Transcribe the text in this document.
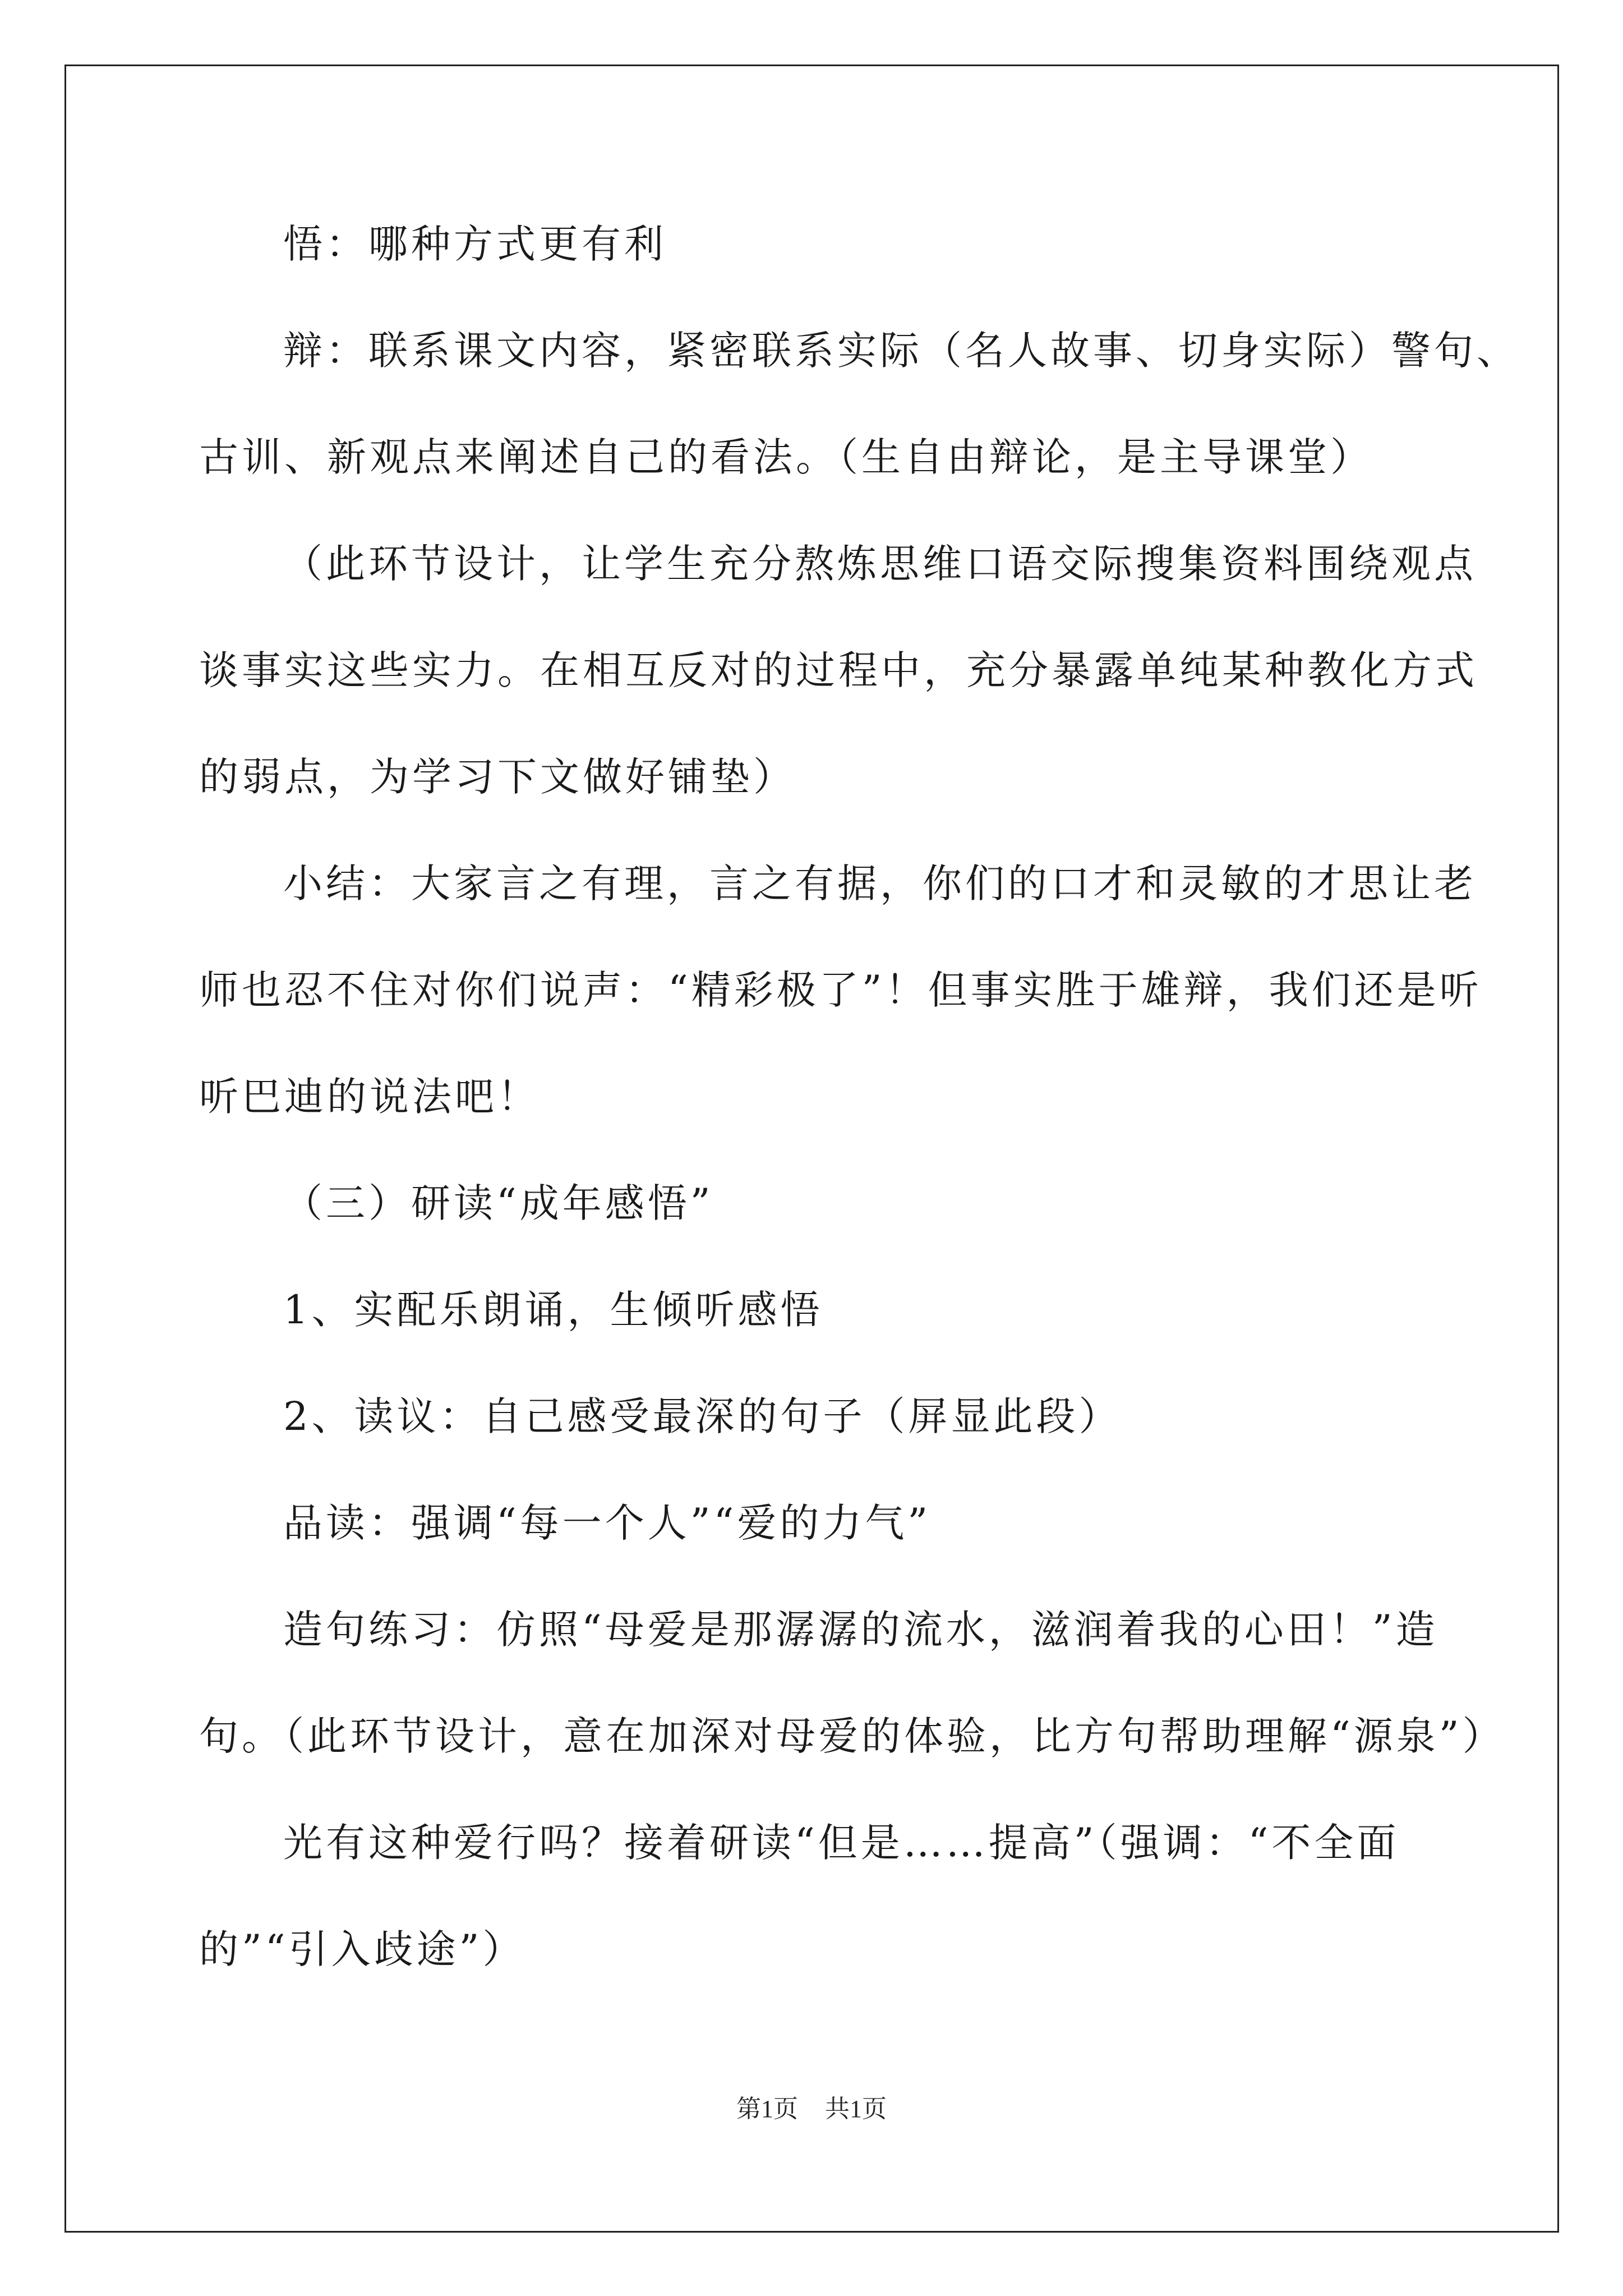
悟：哪种方式更有利
辩：联系课文内容，紧密联系实际（名人故事、切身实际）警句、
古训、新观点来阐述自己的看法。（生自由辩论，是主导课堂）
（此环节设计，让学生充分熬炼思维口语交际搜集资料围绕观点
谈事实这些实力。在相互反对的过程中，充分暴露单纯某种教化方式
的弱点，为学习下文做好铺垫）
小结：大家言之有理，言之有据，你们的口才和灵敏的才思让老
师也忍不住对你们说声：“精彩极了”！但事实胜于雄辩，我们还是听
听巴迪的说法吧！
（三）研读“成年感悟”
1、实配乐朗诵，生倾听感悟
2、读议：自己感受最深的句子（屏显此段）
品读：强调“每一个人”“爱的力气”
造句练习：仿照“母爱是那潺潺的流水，滋润着我的心田！”造
句。（此环节设计，意在加深对母爱的体验，比方句帮助理解“源泉”）
光有这种爱行吗？接着研读“但是……提高”（强调：“不全面
的”“引入歧途”）
第1页 共1页
